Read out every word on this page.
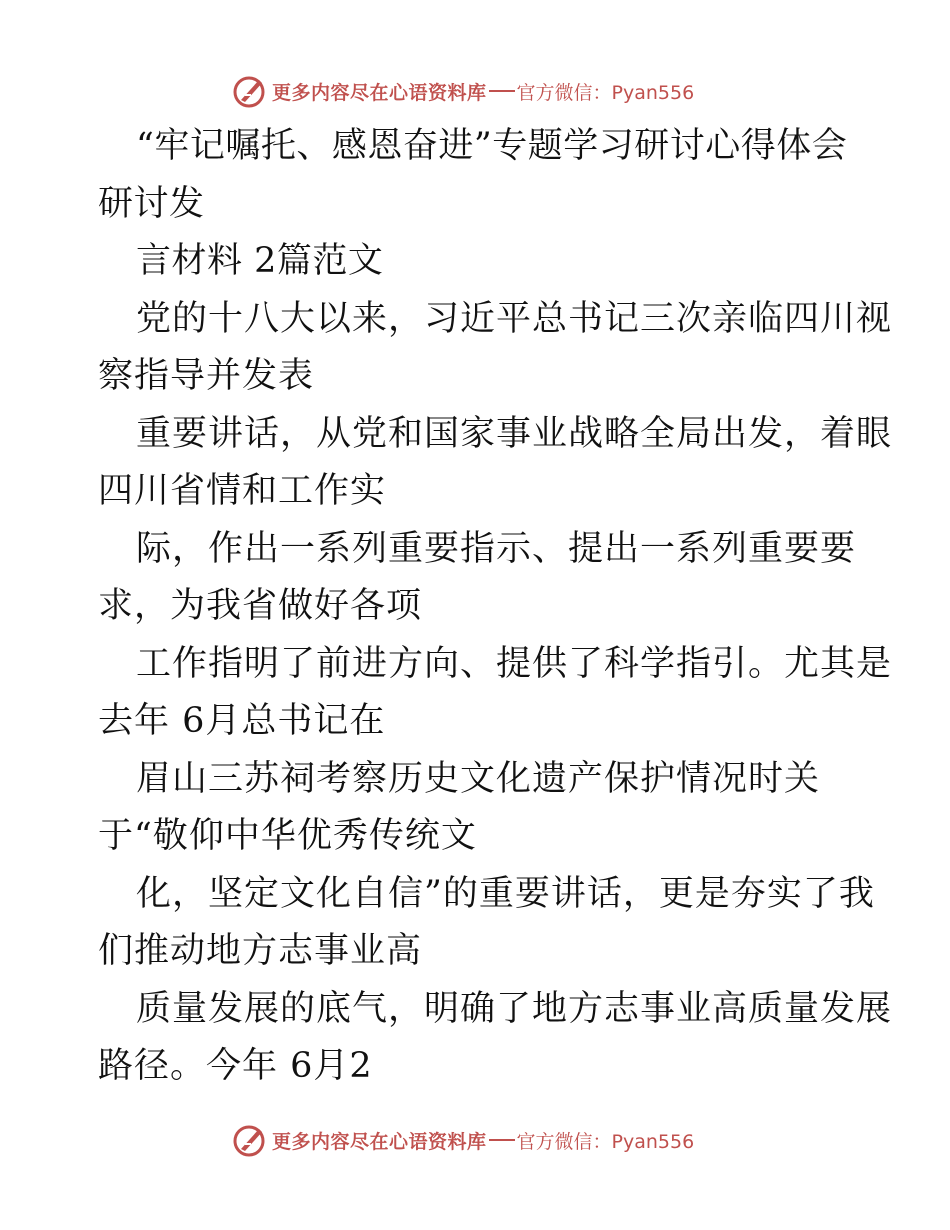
更多内容尽在心语资料库 官方微信：Pyan556
“牢记嘱托、感恩奋进”专题学习研讨心得体会
研讨发
言材料 2篇范文
党的十八大以来，习近平总书记三次亲临四川视
察指导并发表
重要讲话，从党和国家事业战略全局出发，着眼
四川省情和工作实
际，作出一系列重要指示、提出一系列重要要
求，为我省做好各项
工作指明了前进方向、提供了科学指引。尤其是
去年 6月总书记在
眉山三苏祠考察历史文化遗产保护情况时关
于“敬仰中华优秀传统文
化，坚定文化自信”的重要讲话，更是夯实了我
们推动地方志事业高
质量发展的底气，明确了地方志事业高质量发展
路径。今年 6月2
更多内容尽在心语资料库 官方微信：Pyan556
